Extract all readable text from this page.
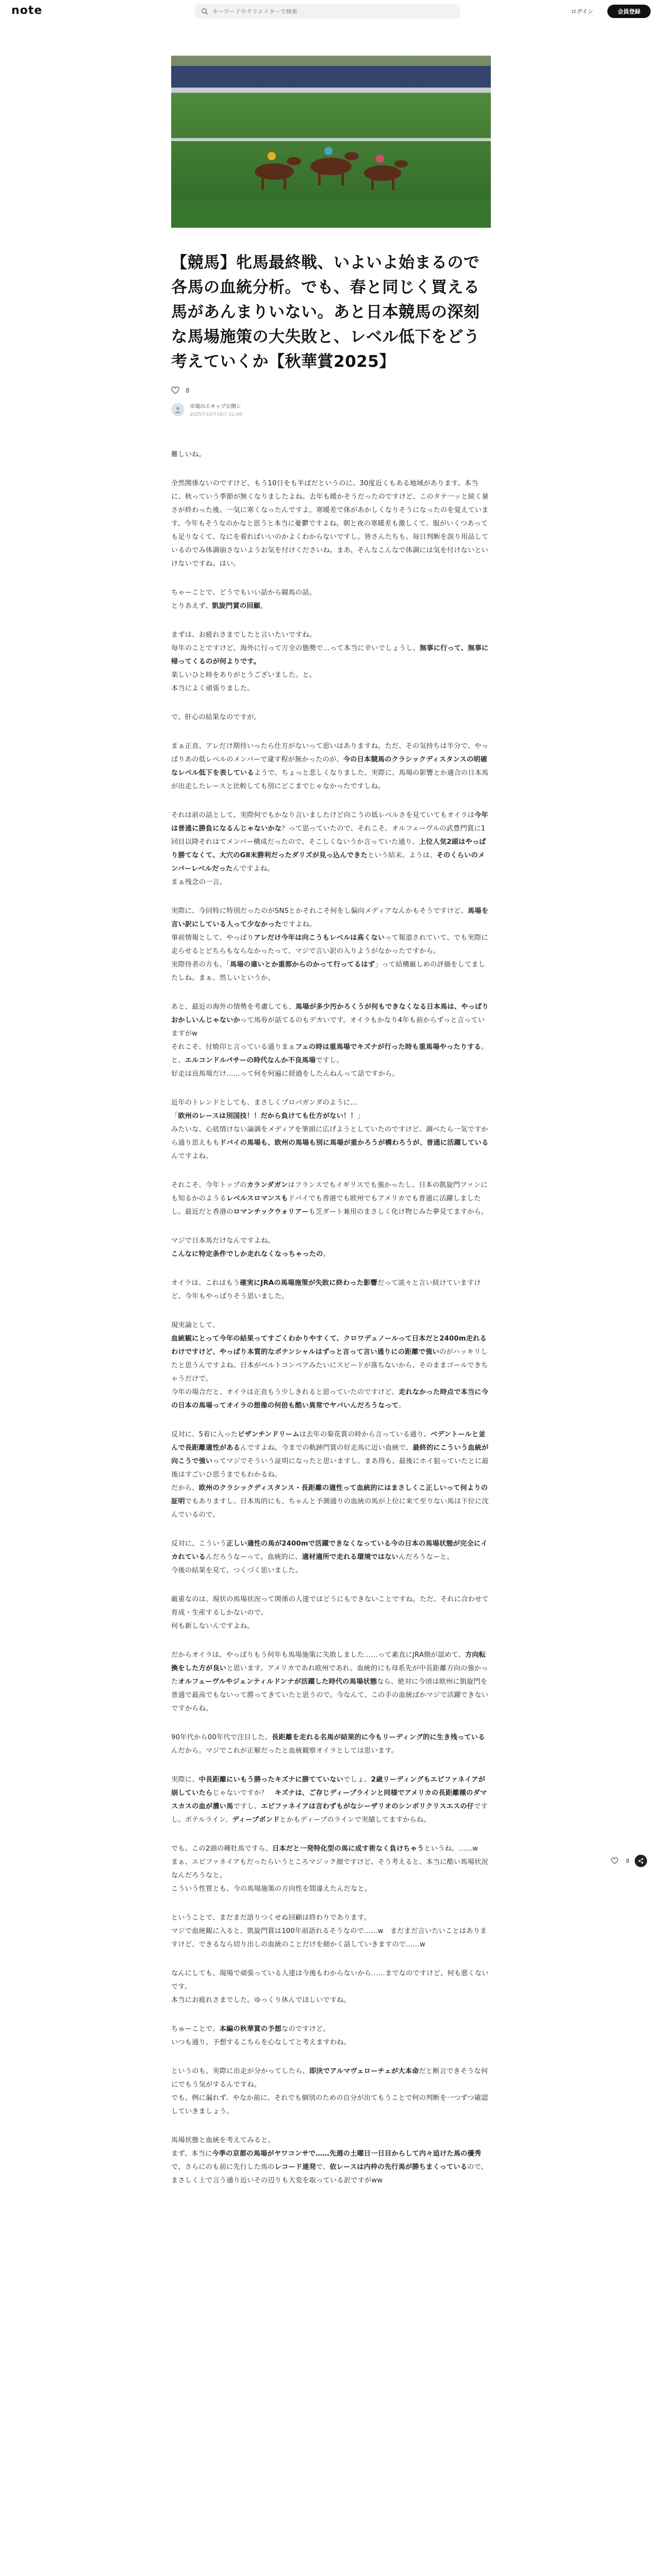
note
キーワードやクリエイターで検索	ログイン	会員登録
【競馬】牝馬最終戦、いよいよ始まるので各馬の血統分析。でも、春と同じく買える馬があんまりいない。あと日本競馬の深刻な馬場施策の大失敗と、レベル低下をどう考えていくか【秋華賞2025】
8
市場のエキップ公開ン
2025年10月16日 21:00

難しいね。

全然関係ないのですけど、もう10日をも半ばだというのに、30度近くもある地域があります。本当に、秋っていう季節が無くなりましたよね。去年も暖かそうだったのですけど、このタテ一ッと続く暑さが終わった後、一気に寒くなったんですよ。寒暖差で体があかしくなりそうになったのを覚えています。今年もそうなのかなと思うと本当に憂鬱ですよね。朝と夜の寒暖差も激しくて、服がいくつあっても足りなくて、なにを着ればいいのかよくわからないですし。皆さんたちも、毎日判断を誤り用品しているのでみ体調崩さないようお気を付けくださいね。まあ、そんなこんなで体調には気を付けないといけないですね。はい。

ちゃーことで、どうでもいい話から競馬の話。
とりあえず、凱旋門賞の回顧。

まずは、お疲れさまでしたと言いたいですね。
毎年のことですけど、海外に行って万全の態勢で…って本当に辛いでしょうし、無事に行って、無事に帰ってくるのが何よりです。
楽しいひと時をありがとうございました。と。
本当によく頑張りました。

で、肝心の結果なのですが。

まぁ正直、アレだけ期待いったら仕方がないって思いはありますね。ただ、その気持ちは半分で、やっぱりあの低レベルのメンバーで違す程が無かったのが、今の日本競馬のクラシックディスタンスの明確なレベル低下を表しているようで、ちょっと悲しくなりました。実際に、馬場の影響とか適合の日本馬が出走したレースと比較しても別にどこまでじゃなかったですしね。

それは前の話として、実際何でもかなり言いましたけど向こうの低レベルさを見ていてもオイラは今年は普通に勝負になるんじゃないかな？って思っていたので、それこそ、オルフェーヴルの武豊門賞に1回目以降それはてメンバー構成だったので、そこしくないうか言っていた通り、上位人気2頭はやっぱり勝てなくて、大穴のGⅡ末勝利だったダリズが見っ込んできたという結末。ようは、そのくらいのメンバーレベルだったんですよね。
まぁ残念の一言。

実際に、今回特に特別だったのがSNSとかそれこそ何をし偏向メディアなんかもそうですけど、馬場を言い訳にしている人って少なかったですよね。
事前情報として、やっぱりアレだけ今年は向こうもレベルは高くないって報道されていて、でも実際に走らせるとどちらもならなかったって、マジで言い訳の入りようがなかったですから。
実際待者の方も、「馬場の違いとか重都からのかって行ってるはず」って結構厳しめの評価をしてましたしね。まぁ、然しいというか。

あと、最近の海外の情勢を考慮しても、馬場が多少汚かろくうが何もできなくなる日本馬は、やっぱりおかしいんじゃないかって馬券が話てるのもデカいです。オイラもかなり4年も前からずっと言っていますがw
それこそ、付焼印と言っている通りまぁフェの時は重馬場でキズナが行った時も重馬場やったりする。と、エルコンドルパサーの時代なんか不良馬場ですし。
好走は良馬場だけ……って何を何遍に経過をしたんねんって話ですから。

近年のトレンドとしても、まさしくプロパガンダのように…
「欧州のレースは別国技！！だから負けても仕方がない！！」
みたいな、心底情けない論調をメディアを筆頭に広げようとしていたのですけど、調べたら一気ですから通り思えももドバイの馬場も、欧州の馬場も別に馬場が重かろうが構わろうが、普通に活躍しているんですよね。

それこそ、今年トップのカランダガンはフランスでもイギリスでも強かったし、日本の凱旋門ファンにも知るかのようるレベルスロマンスもドバイでも香港でも欧州でもアメリカでも普通に活躍しましたし。最近だと香港のロマンチックウォリアーも芝ダート兼用のまさしく化け物じみた夢見てますから。

マジで日本馬だけなんですよね。
こんなに特定条件でしか走れなくなっちゃったの。

オイラは、これはもう確実にJRAの馬場施策が失敗に終わった影響だって説々と言い続けていますけど、今年もやっぱりそう思いました。

現実論として、
血統観にとって今年の結果ってすごくわかりやすくて、クロワデュノールって日本だと2400m走れるわけですけど、やっぱり本質的なポテンシャルはずっと言って言い通りにの距離で強いのがハッキリしたと思うんですよね。日本がベルトコンベアみたいにスピードが落ちないから、そのままゴールできちゃうだけで。
今年の場合だと、オイラは正直もう少しきれると思っていたのですけど、走れなかった時点で本当に今の日本の馬場ってオイラの想像の何倍も酷い異常でヤバいんだろうなって。

反対に、5着に入ったビザンチンドリームは去年の菊花賞の時から言っている通り、ベデントールと並んで長距離適性があるんですよね。今までの軌跡門賞の好走馬に近い血統で、最終的にこういう血統が向こうで強いってマジでそういう証明になったと思いますし。まあ得も、最後にホイ狙っていたとに最後はすごいひ思うまでもわかるね。
だから、欧州のクラシックディスタンス・長距離の適性って血統的にはまさしくこ正しいって何よりの証明でもありますし。日本馬的にも、ちゃんと予測通りの血統の馬が上位に来て至りない馬は下位に沈んでいるので。

反対に、こういう正しい適性の馬が2400mで活躍できなくなっている今の日本の馬場状態が完全にイカれているんだろうなーって。血統的に、適材適所で走れる環境ではないんだろうなーと。
今後の結果を見て、つくづく思いました。

厳重なのは、現状の馬場状況って関係の人達ではどうにもできないことですね。ただ、それに合わせて育成・生産するしかないので。
何も新しないんですよね。

だからオイラは、やっぱりもう何年も馬場施策に失敗しました……って素直にJRA側が認めて、方向転換をした方が良いと思います。アメリカであれ欧州であれ、血統的にも母系先が中長距離方向の強かったオルフェーヴルやジェンティルドンナが活躍した時代の馬場状態なら、絶対に今頃は欧州に凱旋門を普通で最高でもないって勝ってきていたと思うので。今なんて、この手の血統ばかマジで活躍できないですからね。

90年代から00年代で注目した、長距離を走れる名馬が結果的に今もリーディング的に生き残っているんだから。マジでこれが正解だったと血統観察オイラとしては思います。

実際に、中長距離にいもう勝ったキズナに勝てていないでしょ。2歳リーディングもエピファネイアが崩していたらじゃないですか？　キズナは、ご存じディープラインと同様でアメリカの長距離種のダマスカスの血が濃い馬ですし、エピファネイアは言わずもがなシーザリオのシンボリクリスエスの仔ですし。ボテルライン、ディープボンドとかもディープのラインで実績してますからね。

でも、この2頭の種牡馬ですら、日本だと一発特化型の馬に成す術なく負けちゃうというね。……w　まぁ、エピファネイアもだったらいうところマジック顔ですけど、そう考えると、本当に酷い馬場状況なんだろうなと。
こういう性質とも、今の馬場施策の方向性を間違えたんだなと。

ということで、まだまだ語りつくせぬ回顧は終わりであります。
マジで血統観に入ると、凱旋門賞は100年前語れるそうなので……w　まだまだ言いたいことはありますけど、できるなら切り出しの血統のことだけを細かく話していきますので……w

なんにしても、現場で頑張っている人達は今後もわからないから……までなのですけど、何も悪くないです。
本当にお疲れさまでした。ゆっくり休んでほしいですね。

ちゅーことで、本編の秋華賞の予想なのですけど。
いつも通り、予想するこちらを心なしてと考えますわね。

というのも、実際に出走が分かってしたら、即決でアルマヴェローチェが大本命だと断言できそうな何にでもう気がするんですね。
でも、例に漏れず、やなか前に、それでも個別のための自分が出てもうことで何の判断を一つずつ確認していきましょう。

馬場状態と血統を考えてみると、
まず、本当に今季の京都の馬場がヤワコンサで……先週の土曜日一日目からして内々追けた馬の優秀で、さらにのも前に先行した馬のレコード連発で、依レースは内枠の先行馬が勝ちまくっているので、まさしく上で言う通り近いその辺りも大変を取っている訳ですがww

8
